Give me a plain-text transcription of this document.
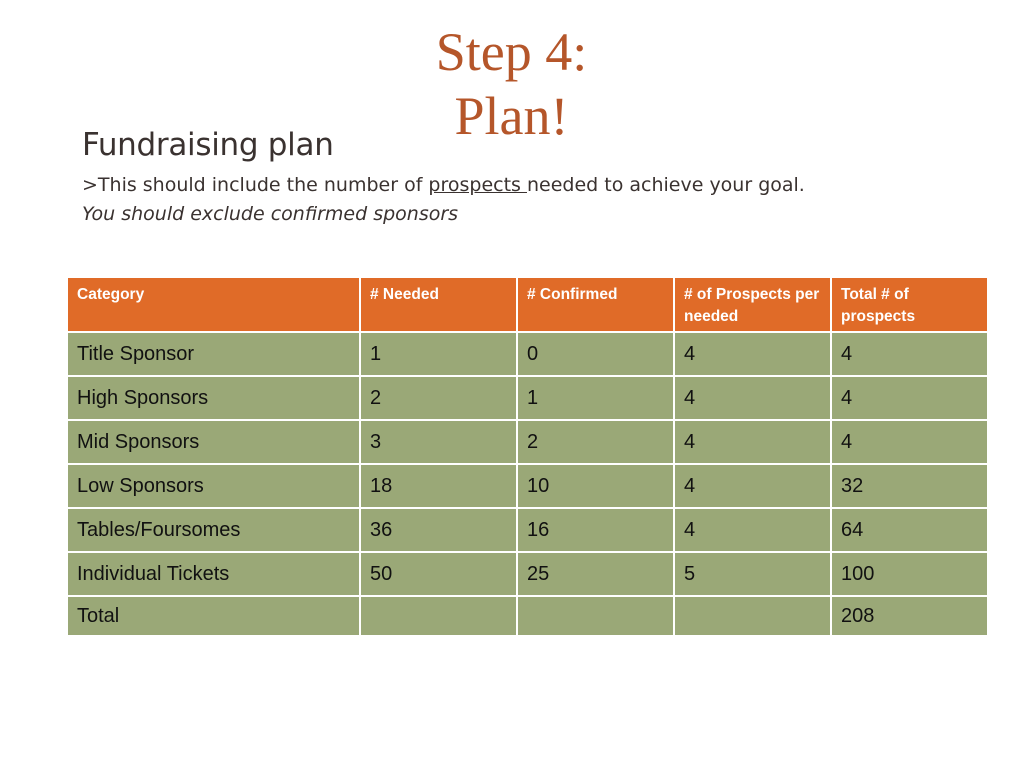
Step 4:
Plan!
Fundraising plan

>This should include the number of prospects needed to achieve your goal.

You should exclude confirmed sponsors

Category	# Needed	# Confirmed	# of Prospects per needed	Total # of prospects
Title Sponsor	1	0	4	4
High Sponsors	2	1	4	4
Mid Sponsors	3	2	4	4
Low Sponsors	18	10	4	32
Tables/Foursomes	36	16	4	64
Individual Tickets	50	25	5	100
Total				208
